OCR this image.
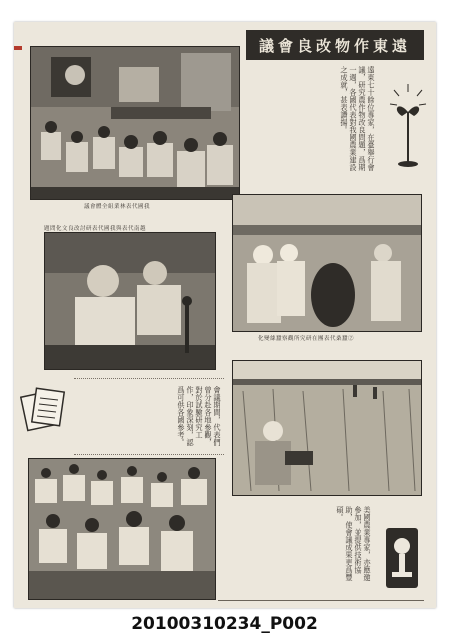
遠東作物改良會議
我國代表林業組全體會議
遠東七十餘位專家，在臺舉行會議，研究農作物改良問題，爲期一週，各國代表對我國農業建設之成就，甚表讚揚。
越南代表與我國代表研討改良文化問題
②蠶桑代表團在研究所觀察蠶絲變化
會議期間，代表們曾分赴各地參觀，對於試驗研究工作，印象深刻，認爲可供各國參考。
美國農業專家，亦應邀參加，並提供技術協助，使會議成果更爲豐碩。
20100310234_P002
